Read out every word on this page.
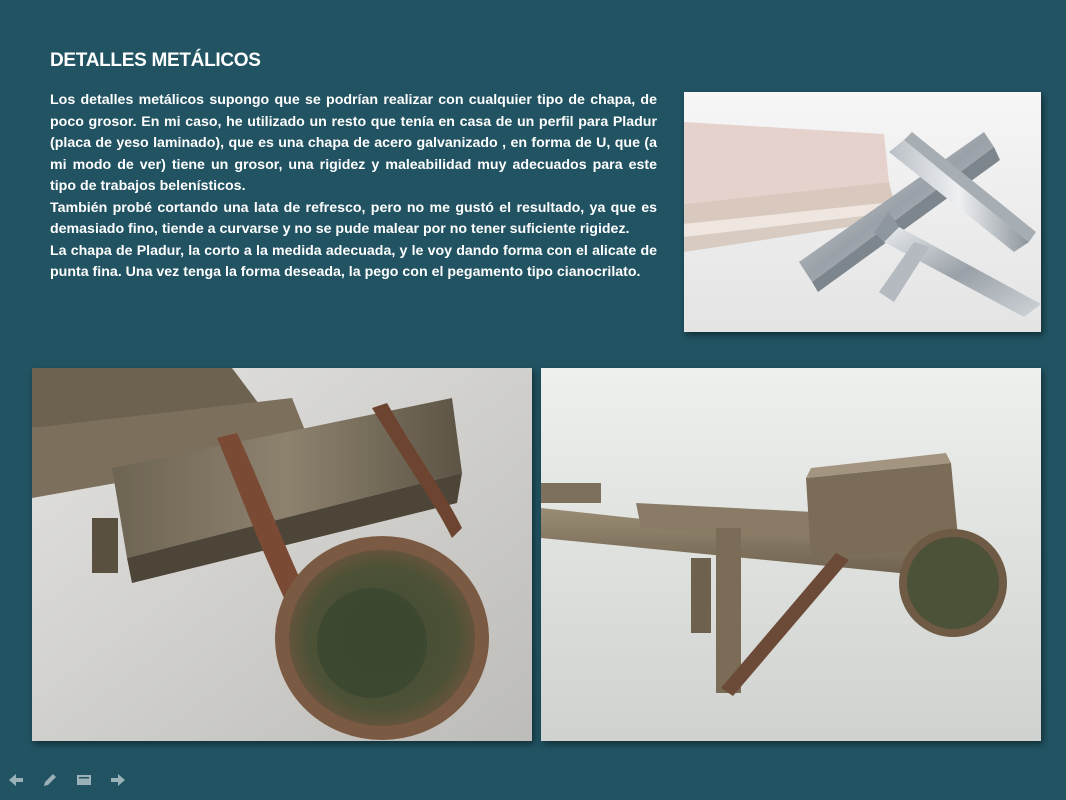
DETALLES METÁLICOS

Los detalles metálicos supongo que se podrían realizar con cualquier tipo de chapa, de poco grosor. En mi caso, he utilizado un resto que tenía en casa de un perfil para Pladur (placa de yeso laminado), que es una chapa de acero galvanizado , en forma de U, que (a mi modo de ver) tiene un grosor, una rigidez y maleabilidad muy adecuados para este tipo de trabajos belenísticos.

También probé cortando una lata de refresco, pero no me gustó el resultado, ya que es demasiado fino, tiende a curvarse y no se pude malear por no tener suficiente rigidez.

La chapa de Pladur, la corto a la medida adecuada, y le voy dando forma con el alicate de punta fina. Una vez tenga la forma deseada, la pego con el pegamento tipo cianocrilato.
